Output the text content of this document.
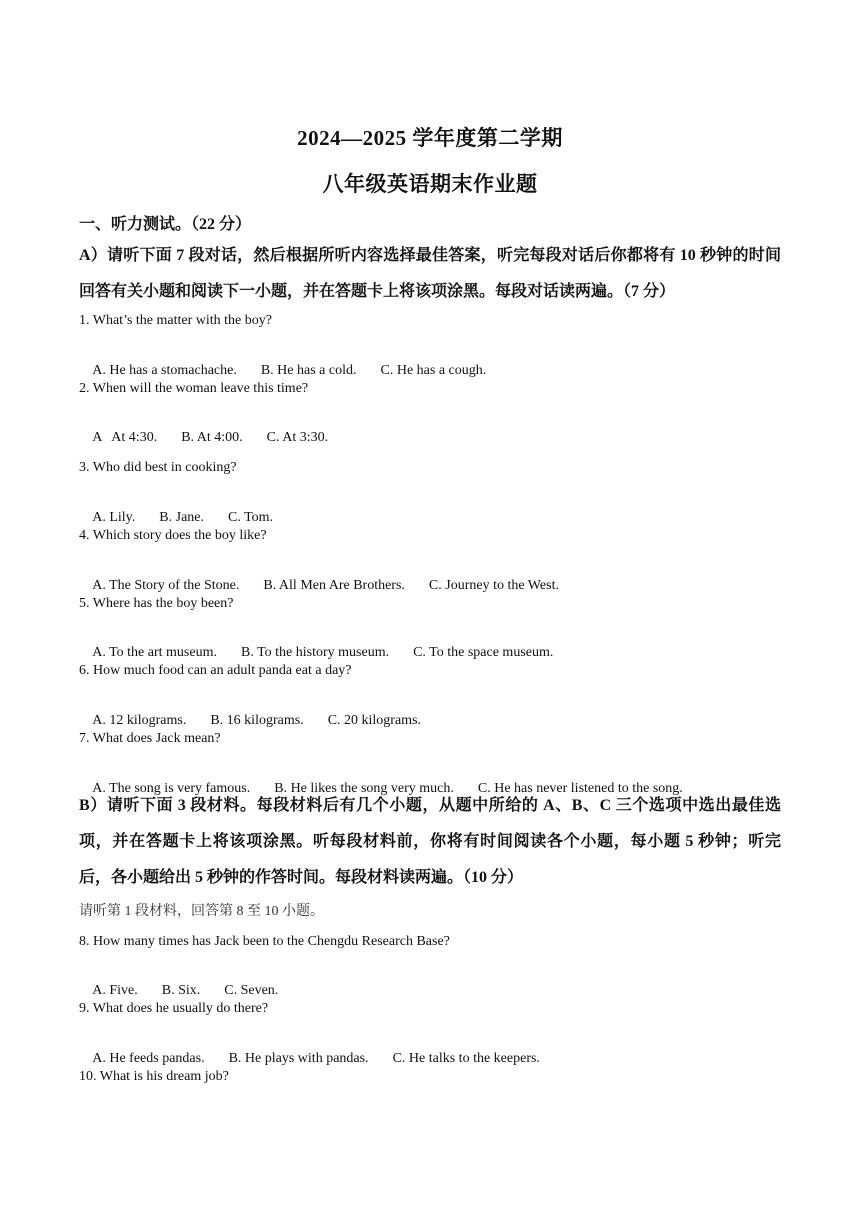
2024—2025 学年度第二学期
八年级英语期末作业题
一、听力测试。（22 分）
A）请听下面 7 段对话，然后根据所听内容选择最佳答案，听完每段对话后你都将有 10 秒钟的时间回答有关小题和阅读下一小题，并在答题卡上将该项涂黑。每段对话读两遍。（7 分）
1. What’s the matter with the boy?

A. He has a stomachache. B. He has a cold. C. He has a cough.

2. When will the woman leave this time?

A   At 4:30. B. At 4:00. C. At 3:30.

3. Who did best in cooking?

A. Lily. B. Jane. C. Tom.

4. Which story does the boy like?

A. The Story of the Stone. B. All Men Are Brothers. C. Journey to the West.

5. Where has the boy been?

A. To the art museum. B. To the history museum. C. To the space museum.

6. How much food can an adult panda eat a day?

A. 12 kilograms. B. 16 kilograms. C. 20 kilograms.

7. What does Jack mean?

A. The song is very famous. B. He likes the song very much. C. He has never listened to the song.

B）请听下面 3 段材料。每段材料后有几个小题，从题中所给的 A、B、C 三个选项中选出最佳选项，并在答题卡上将该项涂黑。听每段材料前，你将有时间阅读各个小题，每小题 5 秒钟；听完后，各小题给出 5 秒钟的作答时间。每段材料读两遍。（10 分）
请听第 1 段材料，回答第 8 至 10 小题。
8. How many times has Jack been to the Chengdu Research Base?

A. Five. B. Six. C. Seven.

9. What does he usually do there?

A. He feeds pandas. B. He plays with pandas. C. He talks to the keepers.

10. What is his dream job?
